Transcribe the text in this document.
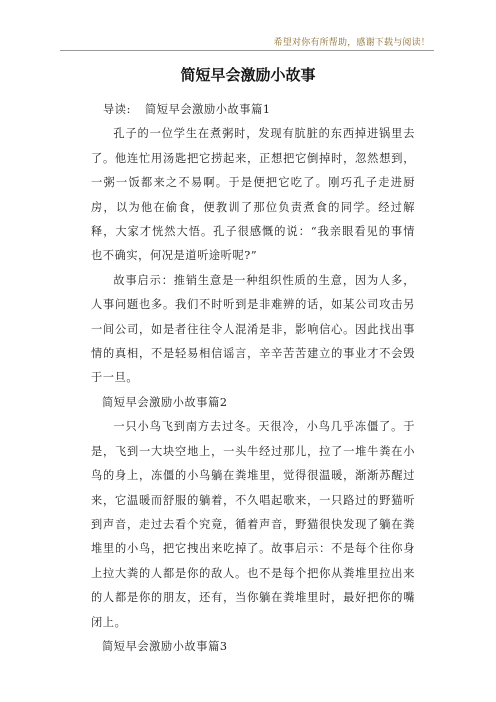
希望对你有所帮助，感谢下载与阅读！
简短早会激励小故事

导读: 简短早会激励小故事篇1

孔子的一位学生在煮粥时，发现有肮脏的东西掉进锅里去了。他连忙用汤匙把它捞起来，正想把它倒掉时，忽然想到，一粥一饭都来之不易啊。于是便把它吃了。刚巧孔子走进厨房，以为他在偷食，便教训了那位负责煮食的同学。经过解释，大家才恍然大悟。孔子很感慨的说：“我亲眼看见的事情也不确实，何况是道听途听呢?”

故事启示：推销生意是一种组织性质的生意，因为人多，人事问题也多。我们不时听到是非难辨的话，如某公司攻击另一间公司，如是者往往令人混淆是非，影响信心。因此找出事情的真相，不是轻易相信谣言，辛辛苦苦建立的事业才不会毁于一旦。

简短早会激励小故事篇2

一只小鸟飞到南方去过冬。天很冷，小鸟几乎冻僵了。于是，飞到一大块空地上，一头牛经过那儿，拉了一堆牛粪在小鸟的身上，冻僵的小鸟躺在粪堆里，觉得很温暖，渐渐苏醒过来，它温暖而舒服的躺着，不久唱起歌来，一只路过的野猫听到声音，走过去看个究竟，循着声音，野猫很快发现了躺在粪堆里的小鸟，把它拽出来吃掉了。故事启示：不是每个往你身上拉大粪的人都是你的敌人。也不是每个把你从粪堆里拉出来的人都是你的朋友，还有，当你躺在粪堆里时，最好把你的嘴闭上。

简短早会激励小故事篇3
